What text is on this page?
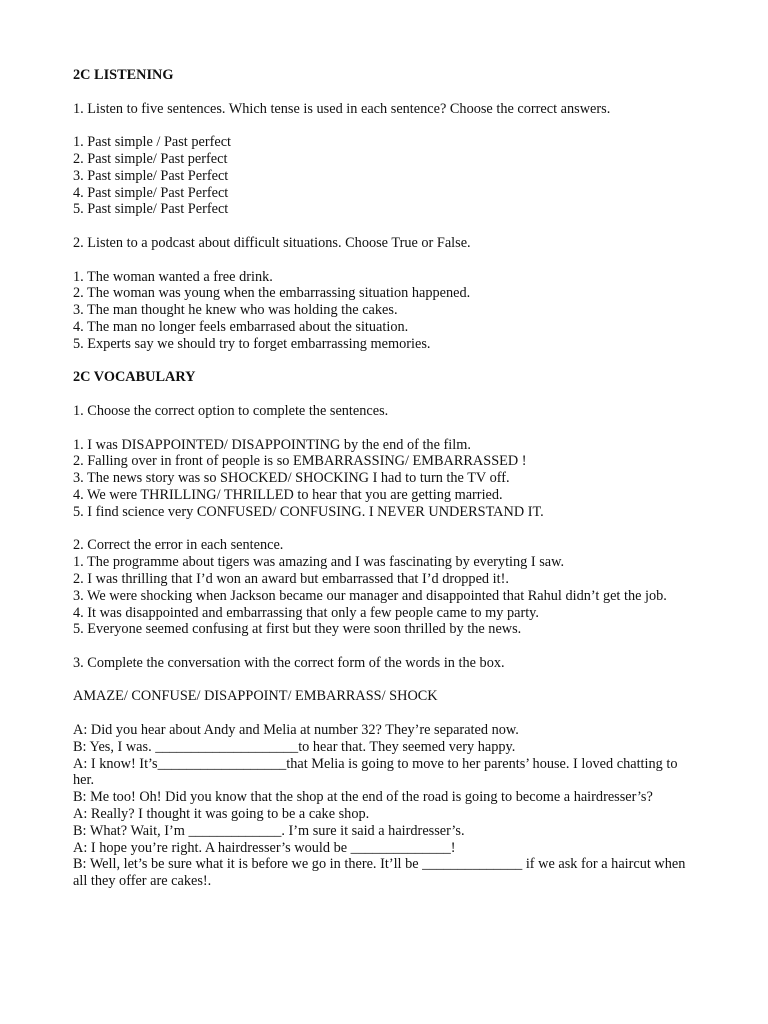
2C LISTENING
1. Listen to five sentences. Which tense is used in each sentence? Choose the correct answers.
1. Past simple / Past perfect
2. Past simple/ Past perfect
3. Past simple/ Past Perfect
4. Past simple/ Past Perfect
5. Past simple/ Past Perfect
2. Listen to a podcast about difficult situations. Choose True or False.
1. The woman wanted a free drink.
2. The woman was young when the embarrassing situation happened.
3. The man thought he knew who was holding the cakes.
4. The man no longer feels embarrased about the situation.
5. Experts say we should try to forget embarrassing memories.
2C VOCABULARY
1. Choose the correct option to complete the sentences.
1. I was DISAPPOINTED/ DISAPPOINTING by the end of the film.
2. Falling over in front of people is so EMBARRASSING/ EMBARRASSED !
3. The news story was so SHOCKED/ SHOCKING I had to turn the TV off.
4. We were THRILLING/ THRILLED to hear that you are getting married.
5. I find science very CONFUSED/ CONFUSING. I NEVER UNDERSTAND IT.
2. Correct the error in each sentence.
1. The programme about tigers was amazing and I was fascinating by everyting I saw.
2. I was thrilling that I’d won an award but embarrassed that I’d dropped it!.
3. We were shocking when Jackson became our manager and disappointed that Rahul didn’t get the job.
4. It was disappointed and embarrassing that only a few people came to my party.
5. Everyone seemed confusing at first but they were soon thrilled by the news.
3. Complete the conversation with the correct form of the words in the box.
AMAZE/ CONFUSE/ DISAPPOINT/ EMBARRASS/ SHOCK
A: Did you hear about Andy and Melia at number 32? They’re separated now.
B: Yes, I was. ____________________to hear that. They seemed very happy.
A: I know! It’s__________________that Melia is going to move to her parents’ house. I loved chatting to her.
B: Me too! Oh! Did you know that the shop at the end of the road is going to become a hairdresser’s?
A: Really? I thought it was going to be a cake shop.
B: What? Wait, I’m _____________. I’m sure it said a hairdresser’s.
A: I hope you’re right. A hairdresser’s would be ______________!
B: Well, let’s be sure what it is before we go in there. It’ll be ______________ if we ask for a haircut when all they offer are cakes!.
